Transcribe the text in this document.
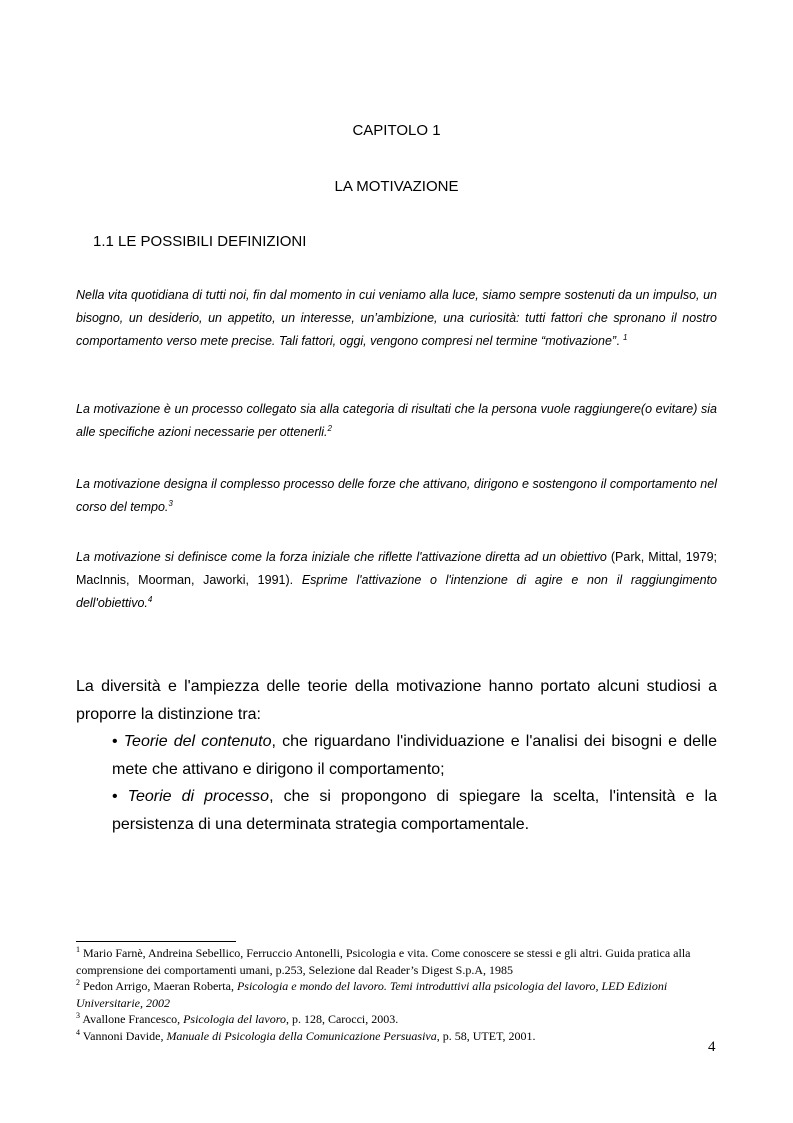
CAPITOLO 1
LA MOTIVAZIONE
1.1 LE POSSIBILI DEFINIZIONI
Nella vita quotidiana di tutti noi, fin dal momento in cui veniamo alla luce, siamo sempre sostenuti da un impulso, un bisogno, un desiderio, un appetito, un interesse, un’ambizione, una curiosità: tutti fattori che spronano il nostro comportamento verso mete precise. Tali fattori, oggi, vengono compresi nel termine “motivazione”. $^1$
La motivazione è un processo collegato sia alla categoria di risultati che la persona vuole raggiungere(o evitare) sia alle specifiche azioni necessarie per ottenerli.$^2$
La motivazione designa il complesso processo delle forze che attivano, dirigono e sostengono il comportamento nel corso del tempo.$^3$
La motivazione si definisce come la forza iniziale che riflette l'attivazione diretta ad un obiettivo (Park, Mittal, 1979; MacInnis, Moorman, Jaworki, 1991). Esprime l'attivazione o l'intenzione di agire e non il raggiungimento dell'obiettivo.$^4$
La diversità e l'ampiezza delle teorie della motivazione hanno portato alcuni studiosi a proporre la distinzione tra:
• Teorie del contenuto, che riguardano l'individuazione e l'analisi dei bisogni e delle mete che attivano e dirigono il comportamento;
• Teorie di processo, che si propongono di spiegare la scelta, l'intensità e la persistenza di una determinata strategia comportamentale.

$^1$ Mario Farnè, Andreina Sebellico, Ferruccio Antonelli, Psicologia e vita. Come conoscere se stessi e gli altri. Guida pratica alla comprensione dei comportamenti umani, p.253, Selezione dal Reader’s Digest S.p.A, 1985

$^2$ Pedon Arrigo, Maeran Roberta, Psicologia e mondo del lavoro. Temi introduttivi alla psicologia del lavoro, LED Edizioni Universitarie, 2002

$^3$ Avallone Francesco, Psicologia del lavoro, p. 128, Carocci, 2003.

$^4$ Vannoni Davide, Manuale di Psicologia della Comunicazione Persuasiva, p. 58, UTET, 2001.

4
